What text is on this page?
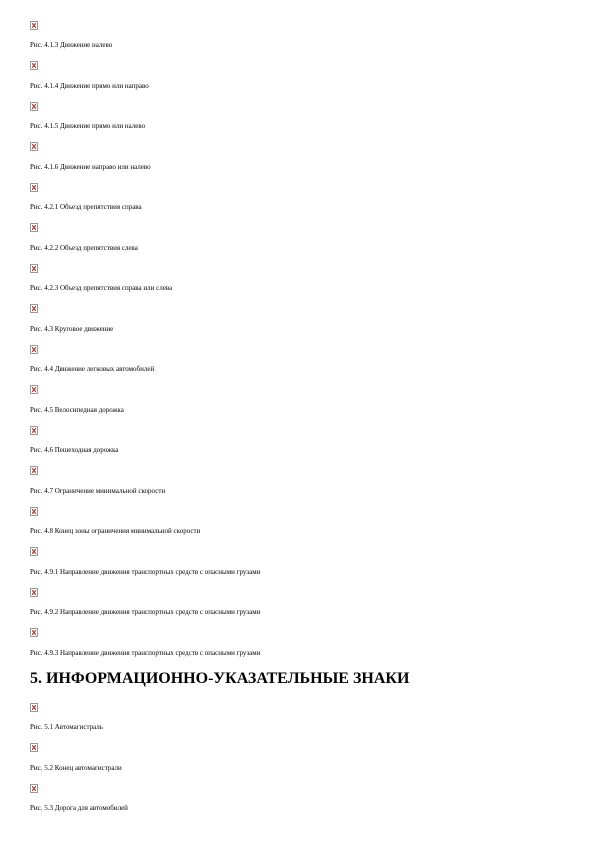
Рис. 4.1.3 Движение налево
Рис. 4.1.4 Движение прямо или направо
Рис. 4.1.5 Движение прямо или налево
Рис. 4.1.6 Движение направо или налево
Рис. 4.2.1 Объезд препятствия справа
Рис. 4.2.2 Объезд препятствия слева
Рис. 4.2.3 Объезд препятствия справа или слева
Рис. 4.3 Круговое движение
Рис. 4.4 Движение легковых автомобилей
Рис. 4.5 Велосипедная дорожка
Рис. 4.6 Пешеходная дорожка
Рис. 4.7 Ограничение минимальной скорости
Рис. 4.8 Конец зоны ограничения минимальной скорости
Рис. 4.9.1 Направление движения транспортных средств с опасными грузами
Рис. 4.9.2 Направление движения транспортных средств с опасными грузами
Рис. 4.9.3 Направление движения транспортных средств с опасными грузами
5. ИНФОРМАЦИОННО-УКАЗАТЕЛЬНЫЕ ЗНАКИ
Рис. 5.1 Автомагистраль
Рис. 5.2 Конец автомагистрали
Рис. 5.3 Дорога для автомобилей
